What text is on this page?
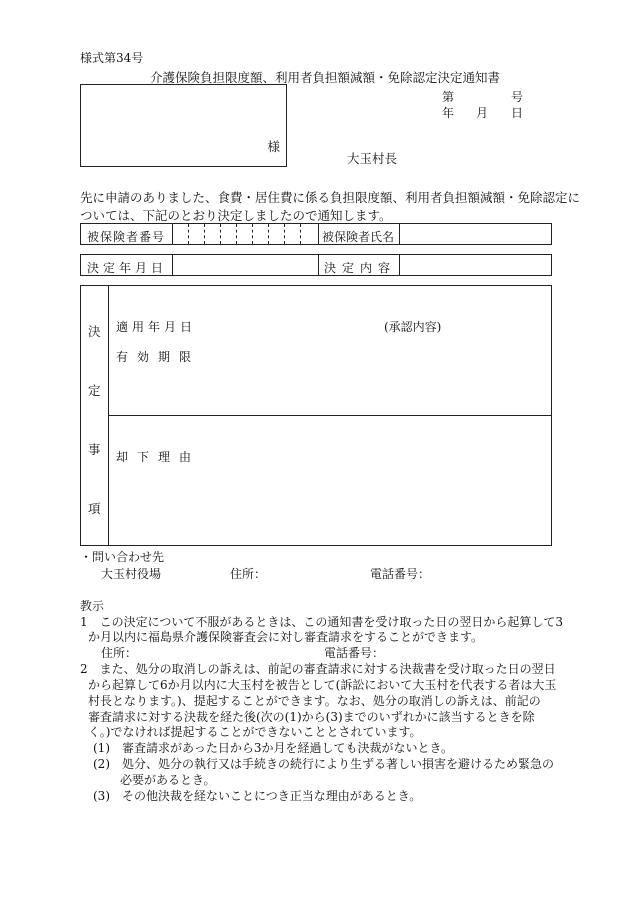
様式第34号
介護保険負担限度額、利用者負担額減額・免除認定決定通知書
様
第	号
年 月 日
大玉村長
先に申請のありました、食費・居住費に係る負担限度額、利用者負担額減額・免除認定に
ついては、下記のとおり決定しましたので通知します。
被保険者番号	被保険者氏名
決定年月日	決定内容
決
定
事
項
適用年月日	(承認内容)
有効期限
却下理由
・問い合わせ先
大玉村役場	住所：	電話番号：
教示
1　この決定について不服があるときは、この通知書を受け取った日の翌日から起算して3
か月以内に福島県介護保険審査会に対し審査請求をすることができます。
住所：	電話番号：
2　また、処分の取消しの訴えは、前記の審査請求に対する決裁書を受け取った日の翌日
から起算して6か月以内に大玉村を被告として(訴訟において大玉村を代表する者は大玉
村長となります。)、提起することができます。なお、処分の取消しの訴えは、前記の
審査請求に対する決裁を経た後(次の(1)から(3)までのいずれかに該当するときを除
く。)でなければ提起することができないこととされています。
(1)　審査請求があった日から3か月を経過しても決裁がないとき。
(2)　処分、処分の執行又は手続きの続行により生ずる著しい損害を避けるため緊急の
必要があるとき。
(3)　その他決裁を経ないことにつき正当な理由があるとき。
